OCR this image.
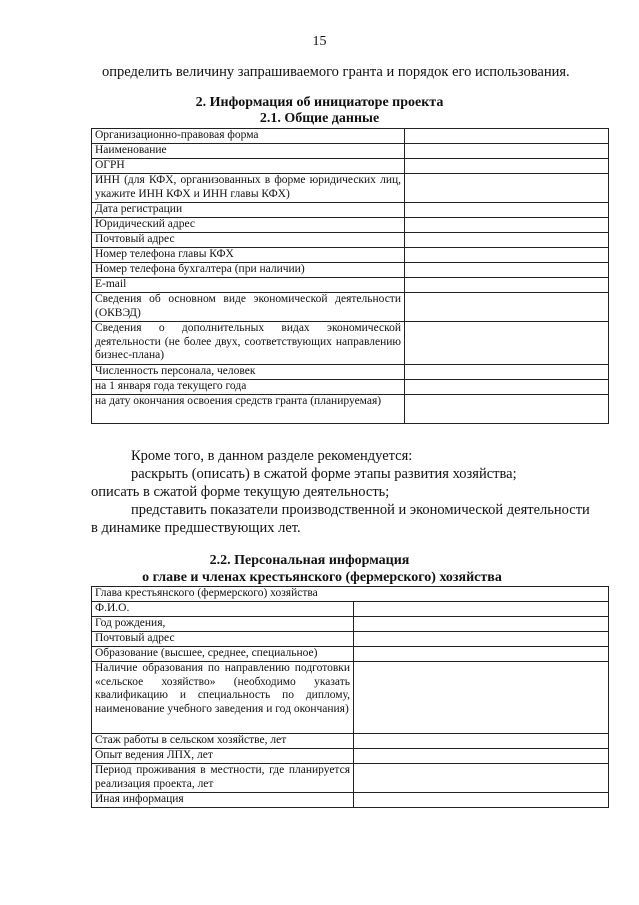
15
определить величину запрашиваемого гранта и порядок его использования.
2. Информация об инициаторе проекта
2.1. Общие данные
Организационно-правовая форма	
Наименование	
ОГРН	
ИНН (для КФХ, организованных в форме юридических лиц, укажите ИНН КФХ и ИНН главы КФХ)	
Дата регистрации	
Юридический адрес	
Почтовый адрес	
Номер телефона главы КФХ	
Номер телефона бухгалтера (при наличии)	
E-mail	
Сведения об основном виде экономической деятельности (ОКВЭД)	
Сведения о дополнительных видах экономической деятельности (не более двух, соответствующих направлению бизнес-плана)	
Численность персонала, человек	
на 1 января года текущего года	
на дату окончания освоения средств гранта (планируемая)	
Кроме того, в данном разделе рекомендуется:
раскрыть (описать) в сжатой форме этапы развития хозяйства;
описать в сжатой форме текущую деятельность;
представить показатели производственной и экономической деятельности
в динамике предшествующих лет.
2.2. Персональная информация
о главе и членах крестьянского (фермерского) хозяйства
Глава крестьянского (фермерского) хозяйства	
Ф.И.О.	
Год рождения,	
Почтовый адрес	
Образование (высшее, среднее, специальное)	
Наличие образования по направлению подготовки «сельское хозяйство» (необходимо указать квалификацию и специальность по диплому, наименование учебного заведения и год окончания)	
Стаж работы в сельском хозяйстве, лет	
Опыт ведения ЛПХ, лет	
Период проживания в местности, где планируется реализация проекта, лет	
Иная информация	
